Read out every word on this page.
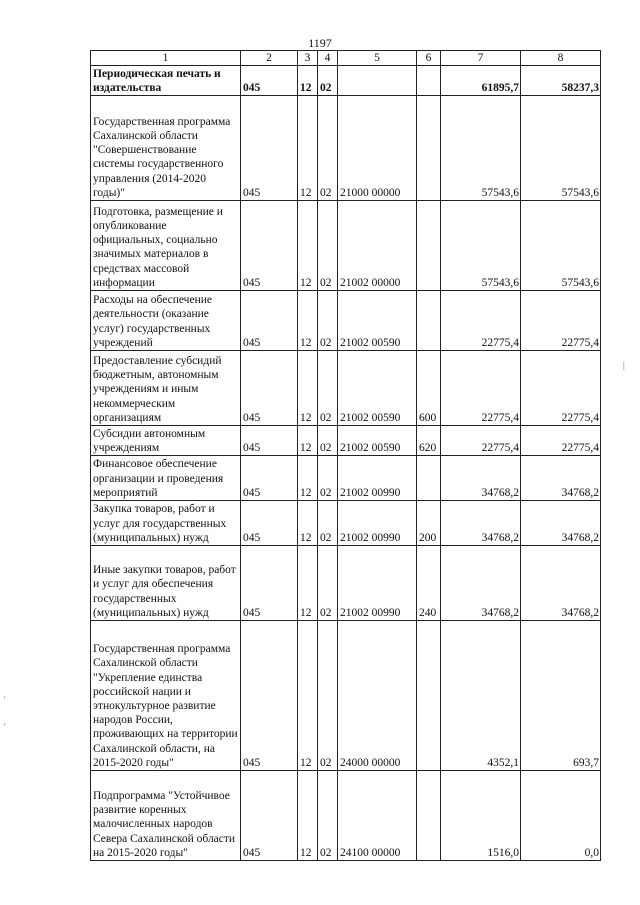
1197
1	2	3	4	5	6	7	8
Периодическая печать и издательства	045	12	02			61895,7	58237,3
Государственная программа Сахалинской области "Совершенствование системы государственного управления (2014-2020 годы)"	045	12	02	21000 00000		57543,6	57543,6
Подготовка, размещение и опубликование официальных, социально значимых материалов в средствах массовой информации	045	12	02	21002 00000		57543,6	57543,6
Расходы на обеспечение деятельности (оказание услуг) государственных учреждений	045	12	02	21002 00590		22775,4	22775,4
Предоставление субсидий бюджетным, автономным учреждениям и иным некоммерческим организациям	045	12	02	21002 00590	600	22775,4	22775,4
Субсидии автономным учреждениям	045	12	02	21002 00590	620	22775,4	22775,4
Финансовое обеспечение организации и проведения мероприятий	045	12	02	21002 00990		34768,2	34768,2
Закупка товаров, работ и услуг для государственных (муниципальных) нужд	045	12	02	21002 00990	200	34768,2	34768,2
Иные закупки товаров, работ и услуг для обеспечения государственных (муниципальных) нужд	045	12	02	21002 00990	240	34768,2	34768,2
Государственная программа Сахалинской области "Укрепление единства российской нации и этнокультурное развитие народов России, проживающих на территории Сахалинской области, на 2015-2020 годы"	045	12	02	24000 00000		4352,1	693,7
Подпрограмма "Устойчивое развитие коренных малочисленных народов Севера Сахалинской области на 2015-2020 годы"	045	12	02	24100 00000		1516,0	0,0
'
'
|
